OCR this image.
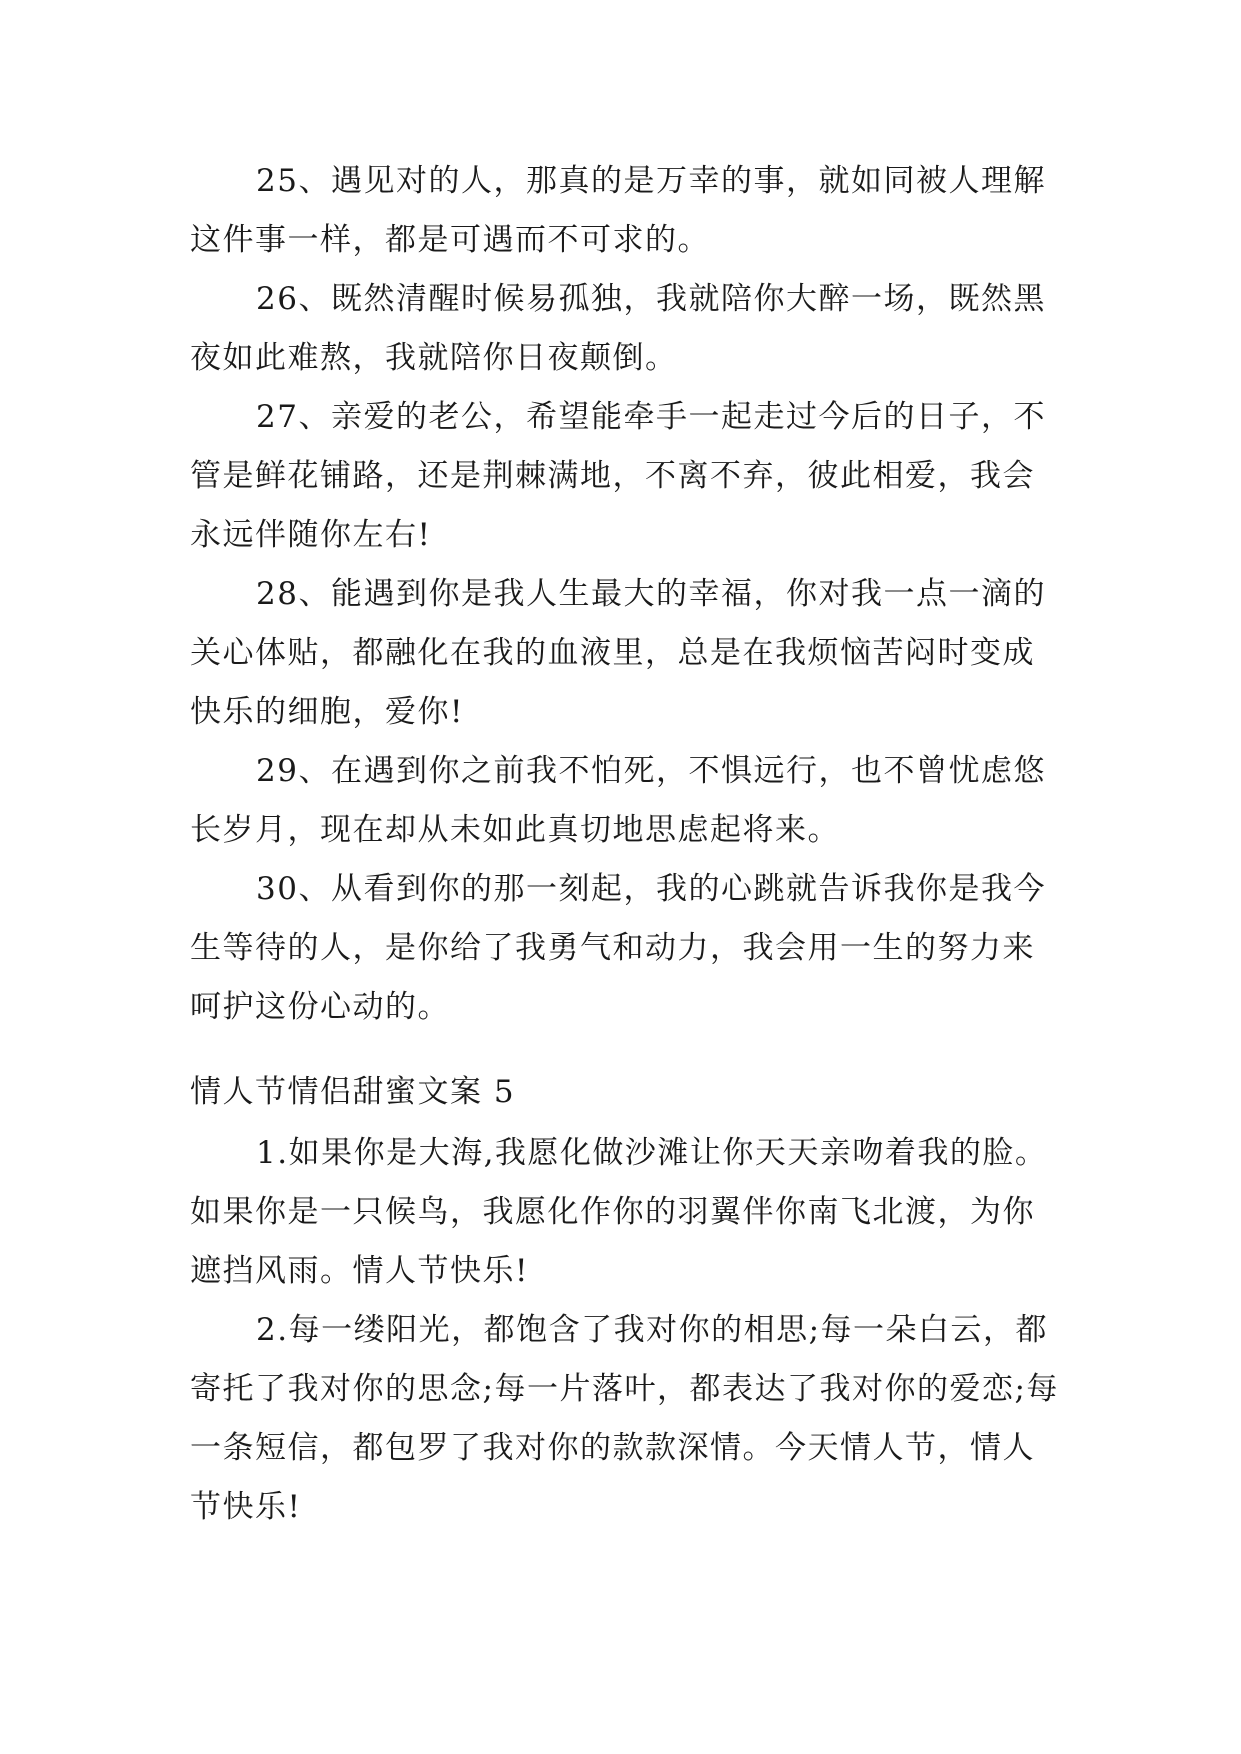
25、遇见对的人，那真的是万幸的事，就如同被人理解这件事一样，都是可遇而不可求的。

26、既然清醒时候易孤独，我就陪你大醉一场，既然黑夜如此难熬，我就陪你日夜颠倒。

27、亲爱的老公，希望能牵手一起走过今后的日子，不管是鲜花铺路，还是荆棘满地，不离不弃，彼此相爱，我会永远伴随你左右!

28、能遇到你是我人生最大的幸福，你对我一点一滴的关心体贴，都融化在我的血液里，总是在我烦恼苦闷时变成快乐的细胞，爱你!

29、在遇到你之前我不怕死，不惧远行，也不曾忧虑悠长岁月，现在却从未如此真切地思虑起将来。

30、从看到你的那一刻起，我的心跳就告诉我你是我今生等待的人，是你给了我勇气和动力，我会用一生的努力来呵护这份心动的。

情人节情侣甜蜜文案 5

1.如果你是大海,我愿化做沙滩让你天天亲吻着我的脸。如果你是一只候鸟，我愿化作你的羽翼伴你南飞北渡，为你遮挡风雨。情人节快乐!

2.每一缕阳光，都饱含了我对你的相思;每一朵白云，都寄托了我对你的思念;每一片落叶，都表达了我对你的爱恋;每一条短信，都包罗了我对你的款款深情。今天情人节，情人节快乐!
